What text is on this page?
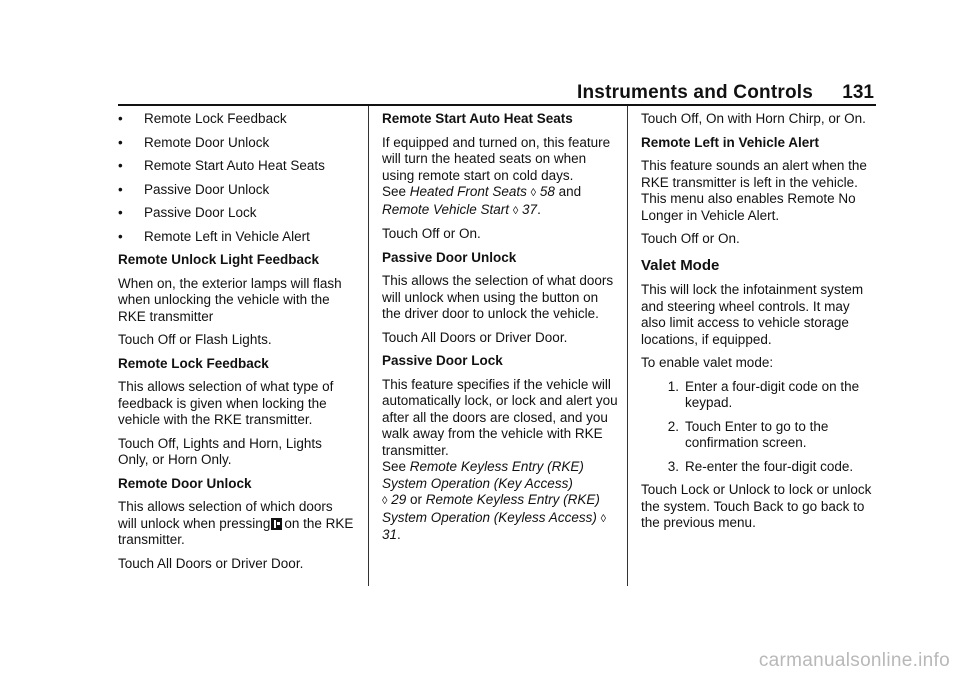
Instruments and Controls 131
•	Remote Lock Feedback
•	Remote Door Unlock
•	Remote Start Auto Heat Seats
•	Passive Door Unlock
•	Passive Door Lock
•	Remote Left in Vehicle Alert

Remote Unlock Light Feedback

When on, the exterior lamps will flash when unlocking the vehicle with the RKE transmitter

Touch Off or Flash Lights.

Remote Lock Feedback

This allows selection of what type of feedback is given when locking the vehicle with the RKE transmitter.

Touch Off, Lights and Horn, Lights Only, or Horn Only.

Remote Door Unlock

This allows selection of which doors will unlock when pressing on the RKE transmitter.

Touch All Doors or Driver Door.

Remote Start Auto Heat Seats

If equipped and turned on, this feature will turn the heated seats on when using remote start on cold days.
See Heated Front Seats ◊ 58 and
Remote Vehicle Start ◊ 37.

Touch Off or On.

Passive Door Unlock

This allows the selection of what doors will unlock when using the button on the driver door to unlock the vehicle.

Touch All Doors or Driver Door.

Passive Door Lock

This feature specifies if the vehicle will automatically lock, or lock and alert you after all the doors are closed, and you walk away from the vehicle with RKE transmitter.
See Remote Keyless Entry (RKE) System Operation (Key Access)
◊ 29 or Remote Keyless Entry (RKE) System Operation (Keyless Access) ◊ 31.

Touch Off, On with Horn Chirp, or On.

Remote Left in Vehicle Alert

This feature sounds an alert when the RKE transmitter is left in the vehicle. This menu also enables Remote No Longer in Vehicle Alert.

Touch Off or On.

Valet Mode

This will lock the infotainment system and steering wheel controls. It may also limit access to vehicle storage locations, if equipped.

To enable valet mode:

1. Enter a four-digit code on the keypad.
2. Touch Enter to go to the confirmation screen.
3. Re-enter the four-digit code.

Touch Lock or Unlock to lock or unlock the system. Touch Back to go back to the previous menu.

carmanualsonline.info
